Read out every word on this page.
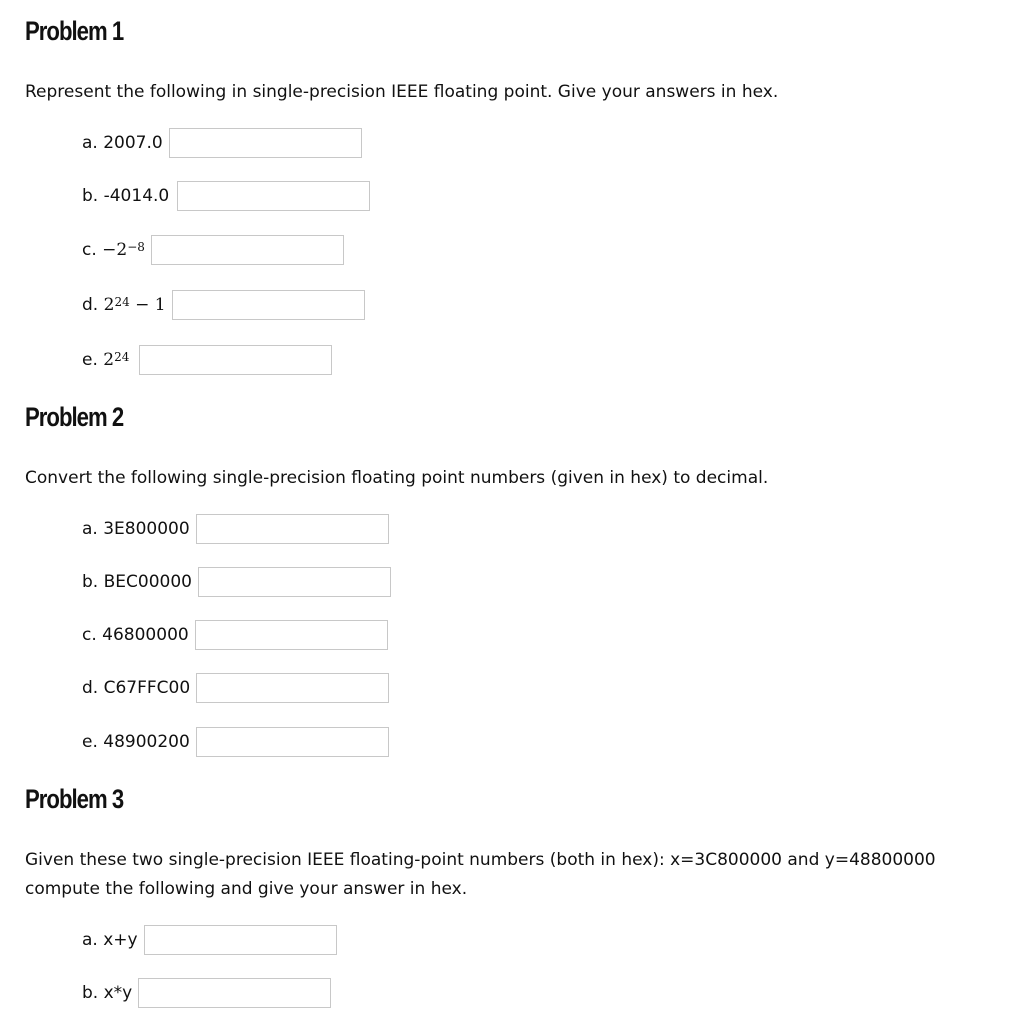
Problem 1

Represent the following in single-precision IEEE floating point. Give your answers in hex.

a.
2007.0
b.
-4014.0
c.
$-2^{-8}$
d.
$2^{24} - 1$
e.
$2^{24}$
Problem 2

Convert the following single-precision floating point numbers (given in hex) to decimal.

a.
3E800000
b.
BEC00000
c.
46800000
d.
C67FFC00
e.
48900200
Problem 3

Given these two single-precision IEEE floating-point numbers (both in hex): x=3C800000 and y=48800000 compute the following and give your answer in hex.

a.
x+y
b.
x*y
